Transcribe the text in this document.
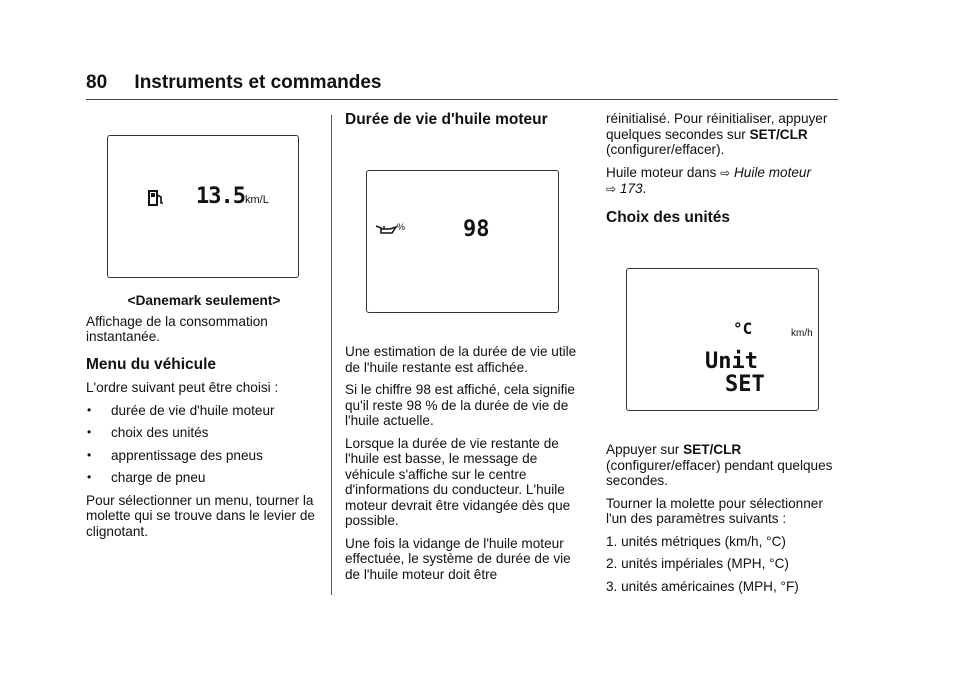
80 Instruments et commandes
13.5 km/L

<Danemark seulement>

Affichage de la consommation instantanée.

Menu du véhicule

L'ordre suivant peut être choisi :

• durée de vie d'huile moteur
• choix des unités
• apprentissage des pneus
• charge de pneu

Pour sélectionner un menu, tourner la molette qui se trouve dans le levier de clignotant.

Durée de vie d'huile moteur
%	98

Une estimation de la durée de vie utile de l'huile restante est affichée.

Si le chiffre 98 est affiché, cela signifie qu'il reste 98 % de la durée de vie de l'huile actuelle.

Lorsque la durée de vie restante de l'huile est basse, le message de véhicule s'affiche sur le centre d'informations du conducteur. L'huile moteur devrait être vidangée dès que possible.

Une fois la vidange de l'huile moteur effectuée, le système de durée de vie de l'huile moteur doit être

réinitialisé. Pour réinitialiser, appuyer quelques secondes sur SET/CLR (configurer/effacer).

Huile moteur dans ⇨ Huile moteur
⇨ 173.

Choix des unités
°C	km/h
Unit
SET

Appuyer sur SET/CLR (configurer/effacer) pendant quelques secondes.

Tourner la molette pour sélectionner l'un des paramètres suivants :

1. unités métriques (km/h, °C)

2. unités impériales (MPH, °C)

3. unités américaines (MPH, °F)
